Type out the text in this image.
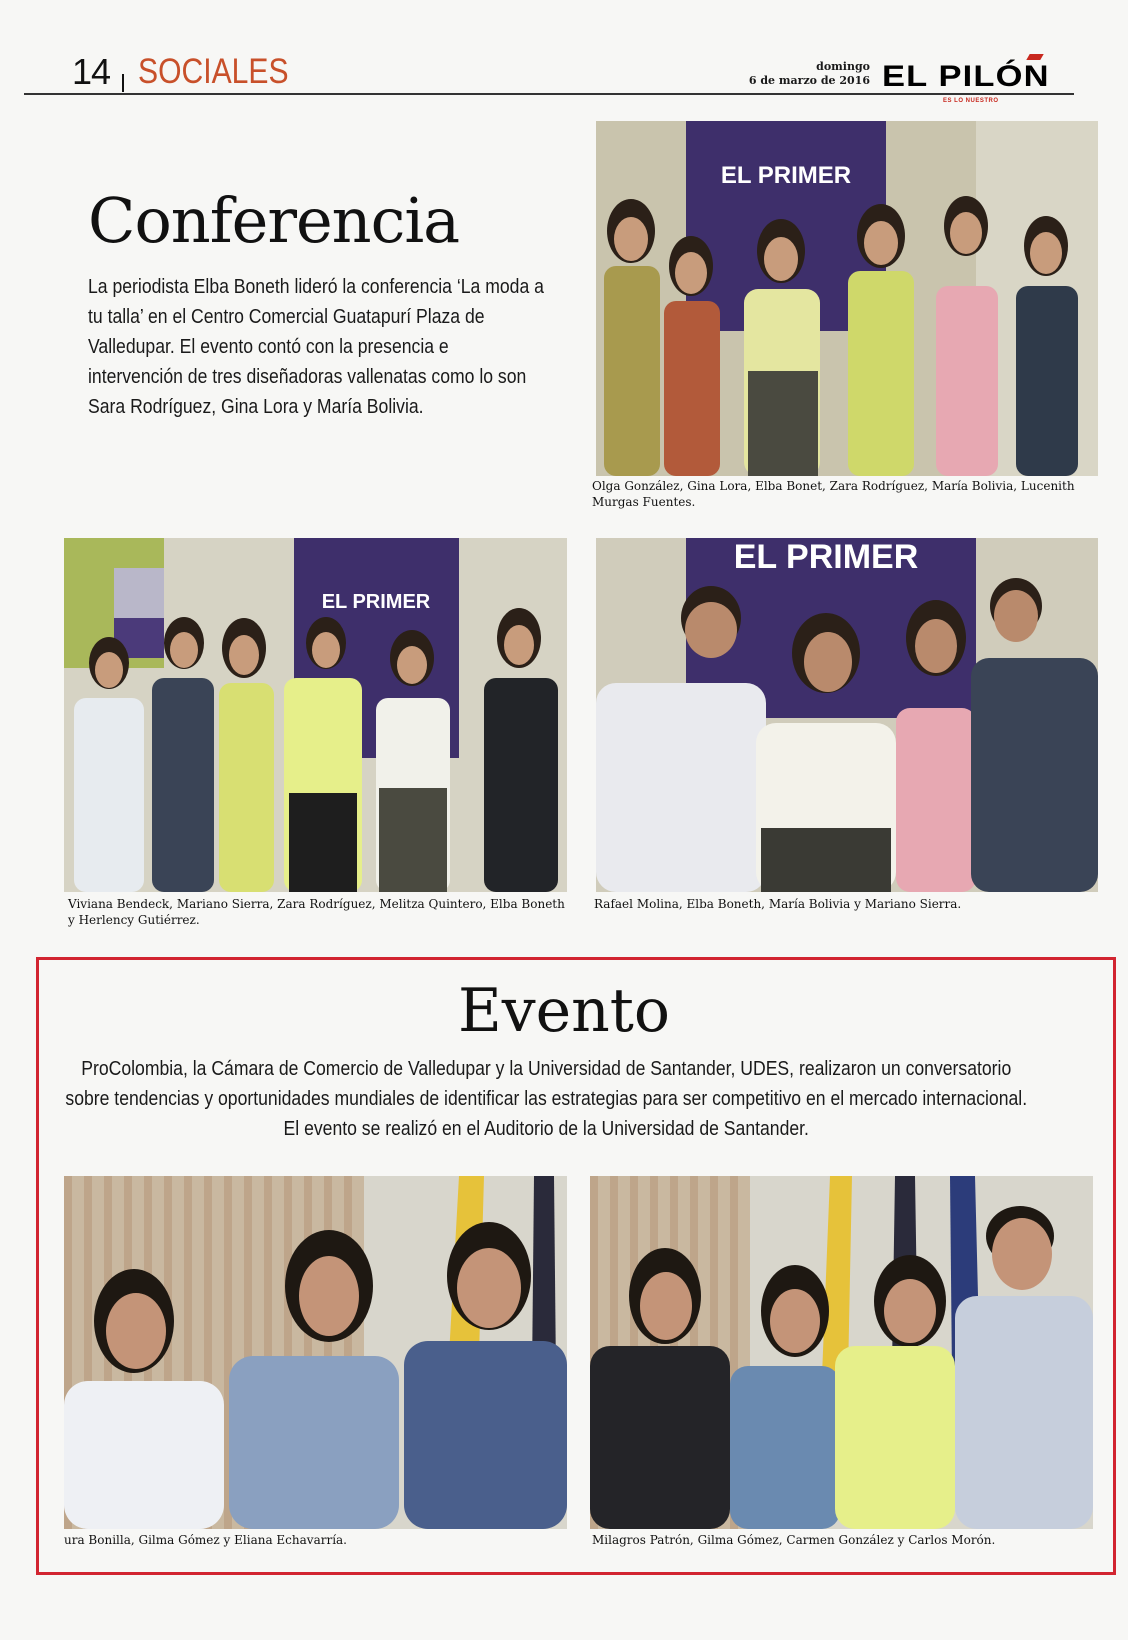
14 SOCIALES	domingo
6 de marzo de 2016 EL PILÓN
ES LO NUESTRO
Conferencia
La periodista Elba Boneth lideró la conferencia ‘La moda a tu talla’ en el Centro Comercial Guatapurí Plaza de Valledupar. El evento contó con la presencia e intervención de tres diseñadoras vallenatas como lo son Sara Rodríguez, Gina Lora y María Bolivia.
EL PRIMER
Olga González, Gina Lora, Elba Bonet, Zara Rodríguez, María Bolivia, Lucenith Murgas Fuentes.
EL PRIMER
Viviana Bendeck, Mariano Sierra, Zara Rodríguez, Melitza Quintero, Elba Boneth y Herlency Gutiérrez.
EL PRIMER
Rafael Molina, Elba Boneth, María Bolivia y Mariano Sierra.
Evento
ProColombia, la Cámara de Comercio de Valledupar y la Universidad de Santander, UDES, realizaron un conversatorio sobre tendencias y oportunidades mundiales de identificar las estrategias para ser competitivo en el mercado internacional. El evento se realizó en el Auditorio de la Universidad de Santander.
ura Bonilla, Gilma Gómez y Eliana Echavarría.	Milagros Patrón, Gilma Gómez, Carmen González y Carlos Morón.
